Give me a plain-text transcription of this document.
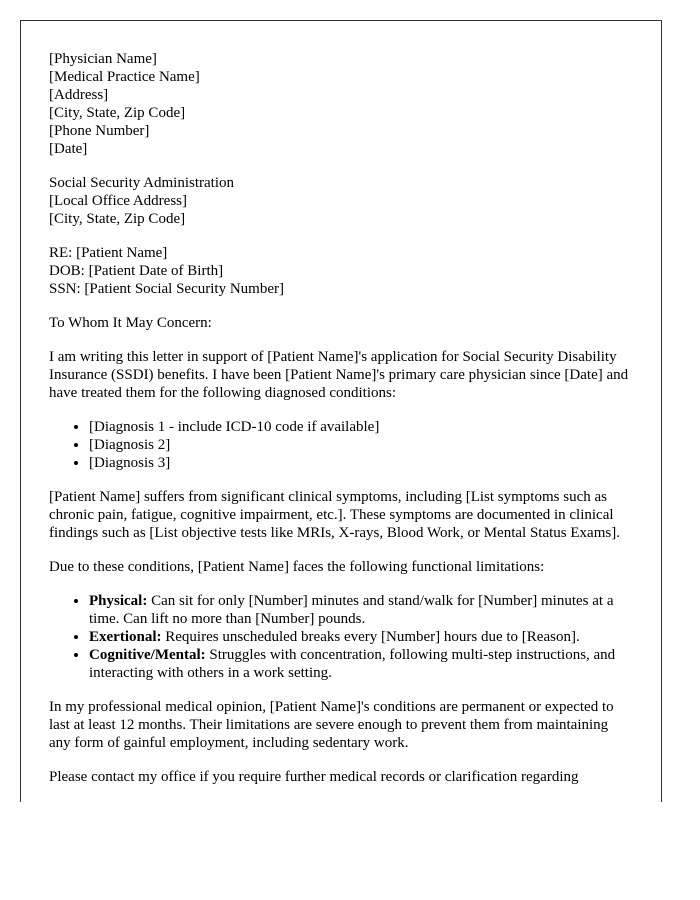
[Physician Name]
[Medical Practice Name]
[Address]
[City, State, Zip Code]
[Phone Number]
[Date]

Social Security Administration
[Local Office Address]
[City, State, Zip Code]

RE: [Patient Name]
DOB: [Patient Date of Birth]
SSN: [Patient Social Security Number]

To Whom It May Concern:

I am writing this letter in support of [Patient Name]'s application for Social Security Disability Insurance (SSDI) benefits. I have been [Patient Name]'s primary care physician since [Date] and have treated them for the following diagnosed conditions:

• [Diagnosis 1 - include ICD-10 code if available]
• [Diagnosis 2]
• [Diagnosis 3]

[Patient Name] suffers from significant clinical symptoms, including [List symptoms such as chronic pain, fatigue, cognitive impairment, etc.]. These symptoms are documented in clinical findings such as [List objective tests like MRIs, X-rays, Blood Work, or Mental Status Exams].

Due to these conditions, [Patient Name] faces the following functional limitations:

• Physical: Can sit for only [Number] minutes and stand/walk for [Number] minutes at a time. Can lift no more than [Number] pounds.
• Exertional: Requires unscheduled breaks every [Number] hours due to [Reason].
• Cognitive/Mental: Struggles with concentration, following multi-step instructions, and interacting with others in a work setting.

In my professional medical opinion, [Patient Name]'s conditions are permanent or expected to last at least 12 months. Their limitations are severe enough to prevent them from maintaining any form of gainful employment, including sedentary work.

Please contact my office if you require further medical records or clarification regarding
